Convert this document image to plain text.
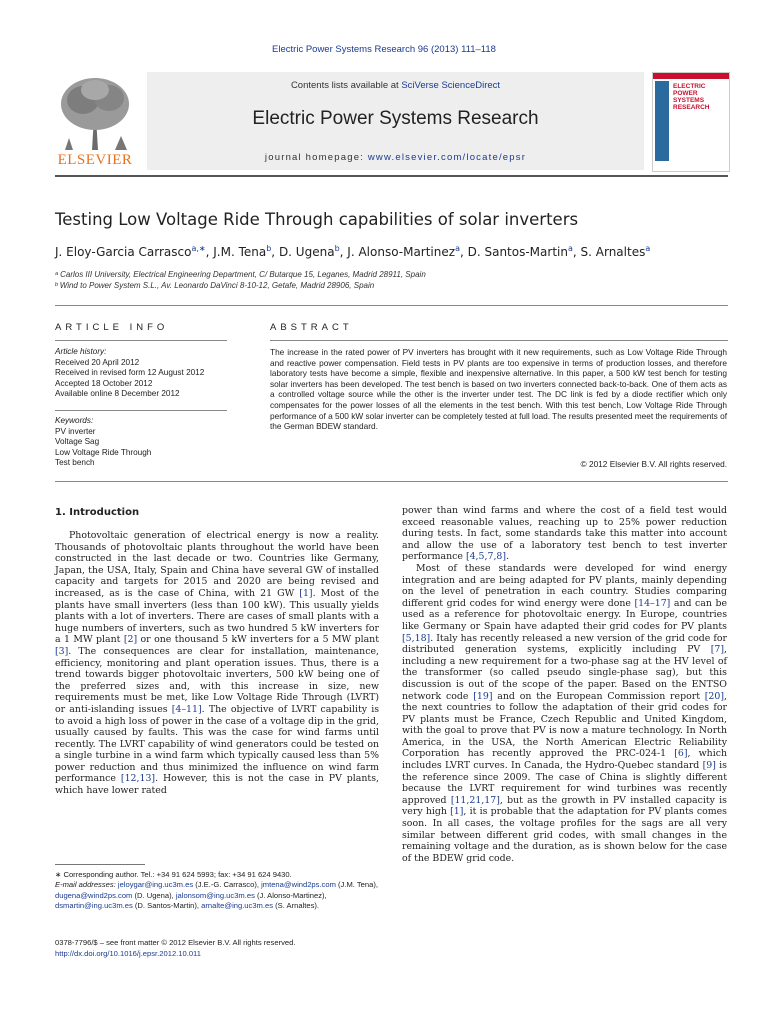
Electric Power Systems Research 96 (2013) 111–118
ELSEVIER
Contents lists available at SciVerse ScienceDirect
Electric Power Systems Research
journal homepage: www.elsevier.com/locate/epsr
ELECTRIC POWER SYSTEMS RESEARCH
Testing Low Voltage Ride Through capabilities of solar inverters
J. Eloy-Garcia Carrasco$^{a,∗}$, J.M. Tena$^b$, D. Ugena$^b$, J. Alonso-Martinez$^a$, D. Santos-Martin$^a$, S. Arnaltes$^a$
ᵃ Carlos III University, Electrical Engineering Department, C/ Butarque 15, Leganes, Madrid 28911, Spain
ᵇ Wind to Power System S.L., Av. Leonardo DaVinci 8-10-12, Getafe, Madrid 28906, Spain
ARTICLE INFO	ABSTRACT
Article history:
Received 20 April 2012
Received in revised form 12 August 2012
Accepted 18 October 2012
Available online 8 December 2012
Keywords:
PV inverter
Voltage Sag
Low Voltage Ride Through
Test bench

The increase in the rated power of PV inverters has brought with it new requirements, such as Low Voltage Ride Through and reactive power compensation. Field tests in PV plants are too expensive in terms of production losses, and therefore laboratory tests have become a simple, flexible and inexpensive alternative. In this paper, a 500 kW test bench for testing solar inverters has been developed. The test bench is based on two inverters connected back-to-back. One of them acts as a controlled voltage source while the other is the inverter under test. The DC link is fed by a diode rectifier which only compensates for the power losses of all the elements in the test bench. With this test bench, Low Voltage Ride Through performance of a 500 kW solar inverter can be completely tested at full load. The results presented meet the requirements of the German BDEW standard.

© 2012 Elsevier B.V. All rights reserved.
1. Introduction

Photovoltaic generation of electrical energy is now a reality. Thousands of photovoltaic plants throughout the world have been constructed in the last decade or two. Countries like Germany, Japan, the USA, Italy, Spain and China have several GW of installed capacity and targets for 2015 and 2020 are being revised and increased, as is the case of China, with 21 GW [1]. Most of the plants have small inverters (less than 100 kW). This usually yields plants with a lot of inverters. There are cases of small plants with a huge numbers of inverters, such as two hundred 5 kW inverters for a 1 MW plant [2] or one thousand 5 kW inverters for a 5 MW plant [3]. The consequences are clear for installation, maintenance, efficiency, monitoring and plant operation issues. Thus, there is a trend towards bigger photovoltaic inverters, 500 kW being one of the preferred sizes and, with this increase in size, new requirements must be met, like Low Voltage Ride Through (LVRT) or anti-islanding issues [4–11]. The objective of LVRT capability is to avoid a high loss of power in the case of a voltage dip in the grid, usually caused by faults. This was the case for wind farms until recently. The LVRT capability of wind generators could be tested on a single turbine in a wind farm which typically caused less than 5% power reduction and thus minimized the influence on wind farm performance [12,13]. However, this is not the case in PV plants, which have lower rated

power than wind farms and where the cost of a field test would exceed reasonable values, reaching up to 25% power reduction during tests. In fact, some standards take this matter into account and allow the use of a laboratory test bench to test inverter performance [4,5,7,8].
Most of these standards were developed for wind energy integration and are being adapted for PV plants, mainly depending on the level of penetration in each country. Studies comparing different grid codes for wind energy were done [14–17] and can be used as a reference for photovoltaic energy. In Europe, countries like Germany or Spain have adapted their grid codes for PV plants [5,18]. Italy has recently released a new version of the grid code for distributed generation systems, explicitly including PV [7], including a new requirement for a two-phase sag at the HV level of the transformer (so called pseudo single-phase sag), but this discussion is out of the scope of the paper. Based on the ENTSO network code [19] and on the European Commission report [20], the next countries to follow the adaptation of their grid codes for PV plants must be France, Czech Republic and United Kingdom, with the goal to prove that PV is now a mature technology. In North America, in the USA, the North American Electric Reliability Corporation has recently approved the PRC-024-1 [6], which includes LVRT curves. In Canada, the Hydro-Quebec standard [9] is the reference since 2009. The case of China is slightly different because the LVRT requirement for wind turbines was recently approved [11,21,17], but as the growth in PV installed capacity is very high [1], it is probable that the adaptation for PV plants comes soon. In all cases, the voltage profiles for the sags are all very similar between different grid codes, with small changes in the remaining voltage and the duration, as is shown below for the case of the BDEW grid code.

∗ Corresponding author. Tel.: +34 91 624 5993; fax: +34 91 624 9430.
E-mail addresses: jeloygar@ing.uc3m.es (J.E.-G. Carrasco), jmtena@wind2ps.com (J.M. Tena), dugena@wind2ps.com (D. Ugena), jalonsom@ing.uc3m.es (J. Alonso-Martinez), dsmartin@ing.uc3m.es (D. Santos-Martin), arnalte@ing.uc3m.es (S. Arnaltes).

0378-7796/$ – see front matter © 2012 Elsevier B.V. All rights reserved.
http://dx.doi.org/10.1016/j.epsr.2012.10.011
